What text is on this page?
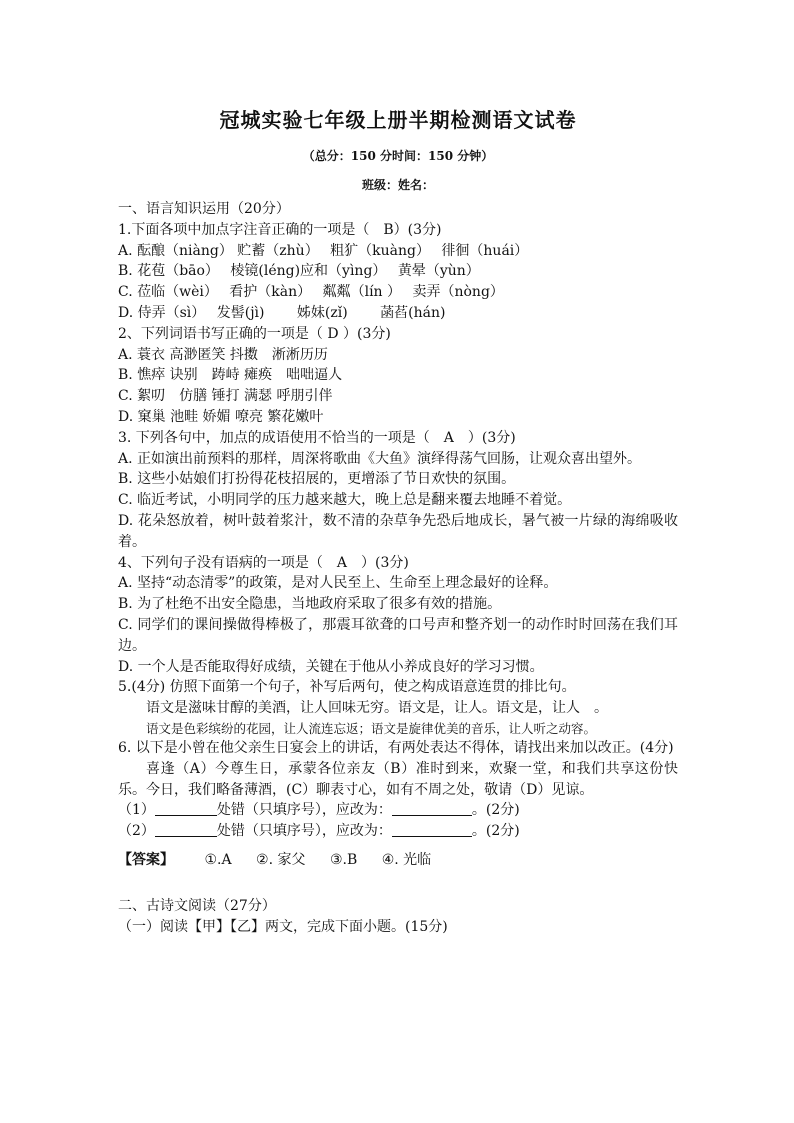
冠城实验七年级上册半期检测语文试卷
（总分：150 分时间：150 分钟）
班级：姓名：
一、语言知识运用（20分）
1.下面各项中加点字注音正确的一项是（　B）(3分)
A. 酝酿（niàng） 贮蓄（zhù）　 粗犷（kuàng）　 徘徊（huái）
B. 花苞（bāo）　 棱镜(léng)应和（yìng）　 黄晕（yùn）
C. 莅临（wèi）　 看护（kàn）　 粼粼（lín ）　 卖弄（nòng）
D. 侍弄（sì）　 发髻(jì)　　 姊妹(zǐ)　　 菡萏(hán)
2、下列词语书写正确的一项是（ D ）(3分)
A. 蓑衣 高渺匿笑 抖擞　淅淅历历
B. 憔瘁 诀别　踌峙 瘫痪　咄咄逼人
C. 絮叨　仿膳 锤打 满瑟 呼朋引伴
D. 窠巢 池畦 娇媚 嘹亮 繁花嫩叶
3. 下列各句中，加点的成语使用不恰当的一项是（　A　）(3分)
A. 正如演出前预料的那样，周深将歌曲《大鱼》演绎得荡气回肠，让观众喜出望外。
B. 这些小姑娘们打扮得花枝招展的，更增添了节日欢快的氛围。
C. 临近考试，小明同学的压力越来越大，晚上总是翻来覆去地睡不着觉。
D. 花朵怒放着，树叶鼓着浆汁，数不清的杂草争先恐后地成长，暑气被一片绿的海绵吸收着。
4、下列句子没有语病的一项是（　A　）(3分)
A. 坚持“动态清零”的政策，是对人民至上、生命至上理念最好的诠释。
B. 为了杜绝不出安全隐患，当地政府采取了很多有效的措施。
C. 同学们的课间操做得棒极了，那震耳欲聋的口号声和整齐划一的动作时时回荡在我们耳边。
D. 一个人是否能取得好成绩，关键在于他从小养成良好的学习习惯。
5.(4分) 仿照下面第一个句子，补写后两句，使之构成语意连贯的排比句。
语文是滋味甘醇的美酒，让人回味无穷。语文是，让人。语文是，让人　。
语文是色彩缤纷的花园，让人流连忘返；语文是旋律优美的音乐，让人听之动容。
6. 以下是小曾在他父亲生日宴会上的讲话，有两处表达不得体，请找出来加以改正。(4分)
喜逢（A）今尊生日，承蒙各位亲友（B）准时到来，欢聚一堂，和我们共享这份快乐。今日，我们略备薄酒，(C）聊表寸心，如有不周之处，敬请（D）见谅。
（1）	处错（只填序号），应改为：	。(2分)
（2）	处错（只填序号），应改为：	。(2分)
【答案】 ①.A ②. 家父 ③.B ④. 光临
二、古诗文阅读（27分）
（一）阅读【甲】【乙】两文，完成下面小题。(15分)
